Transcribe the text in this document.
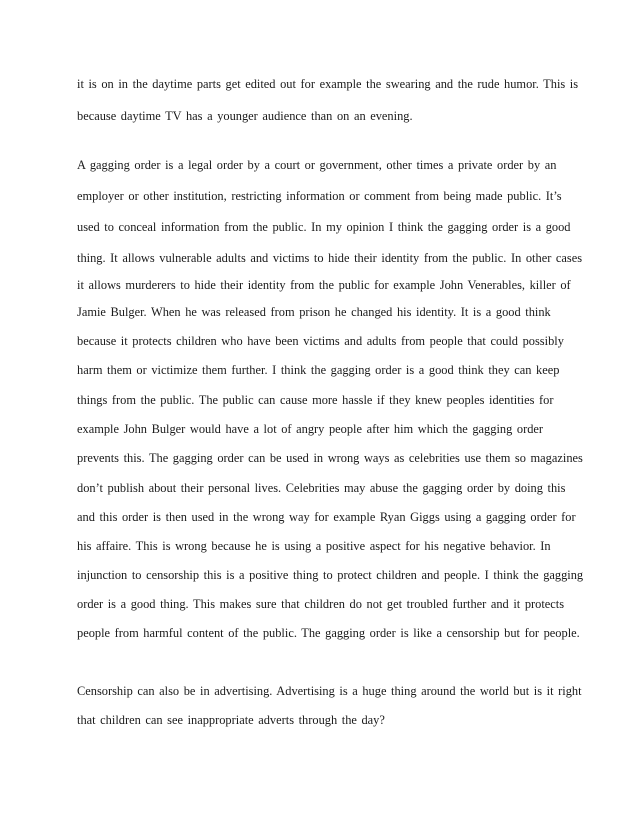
it is on in the daytime parts get edited out for example the swearing and the rude humor. This is
because daytime TV has a younger audience than on an evening.
A gagging order is a legal order by a court or government, other times a private order by an
employer or other institution, restricting information or comment from being made public. It’s
used to conceal information from the public. In my opinion I think the gagging order is a good
thing. It allows vulnerable adults and victims to hide their identity from the public. In other cases
it allows murderers to hide their identity from the public for example John Venerables, killer of
Jamie Bulger. When he was released from prison he changed his identity. It is a good think
because it protects children who have been victims and adults from people that could possibly
harm them or victimize them further. I think the gagging order is a good think they can keep
things from the public. The public can cause more hassle if they knew peoples identities for
example John Bulger would have a lot of angry people after him which the gagging order
prevents this. The gagging order can be used in wrong ways as celebrities use them so magazines
don’t publish about their personal lives. Celebrities may abuse the gagging order by doing this
and this order is then used in the wrong way for example Ryan Giggs using a gagging order for
his affaire. This is wrong because he is using a positive aspect for his negative behavior. In
injunction to censorship this is a positive thing to protect children and people. I think the gagging
order is a good thing. This makes sure that children do not get troubled further and it protects
people from harmful content of the public. The gagging order is like a censorship but for people.
Censorship can also be in advertising. Advertising is a huge thing around the world but is it right
that children can see inappropriate adverts through the day?
